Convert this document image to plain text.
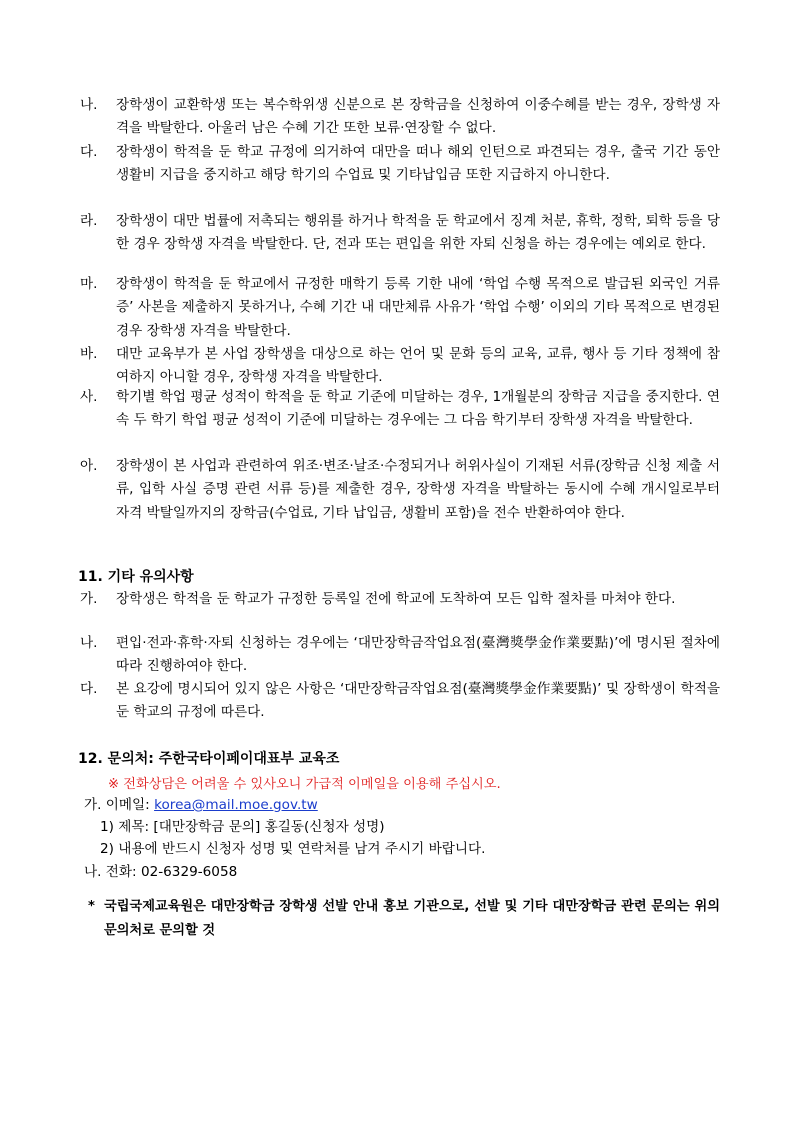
나. 장학생이 교환학생 또는 복수학위생 신분으로 본 장학금을 신청하여 이중수혜를 받는 경우, 장학생 자격을 박탈한다. 아울러 남은 수혜 기간 또한 보류·연장할 수 없다.
다. 장학생이 학적을 둔 학교 규정에 의거하여 대만을 떠나 해외 인턴으로 파견되는 경우, 출국 기간 동안 생활비 지급을 중지하고 해당 학기의 수업료 및 기타납입금 또한 지급하지 아니한다.
라. 장학생이 대만 법률에 저촉되는 행위를 하거나 학적을 둔 학교에서 징계 처분, 휴학, 정학, 퇴학 등을 당한 경우 장학생 자격을 박탈한다. 단, 전과 또는 편입을 위한 자퇴 신청을 하는 경우에는 예외로 한다.
마. 장학생이 학적을 둔 학교에서 규정한 매학기 등록 기한 내에 ‘학업 수행 목적으로 발급된 외국인 거류증’ 사본을 제출하지 못하거나, 수혜 기간 내 대만체류 사유가 ‘학업 수행’ 이외의 기타 목적으로 변경된 경우 장학생 자격을 박탈한다.
바. 대만 교육부가 본 사업 장학생을 대상으로 하는 언어 및 문화 등의 교육, 교류, 행사 등 기타 정책에 참여하지 아니할 경우, 장학생 자격을 박탈한다.
사. 학기별 학업 평균 성적이 학적을 둔 학교 기준에 미달하는 경우, 1개월분의 장학금 지급을 중지한다. 연속 두 학기 학업 평균 성적이 기준에 미달하는 경우에는 그 다음 학기부터 장학생 자격을 박탈한다.
아. 장학생이 본 사업과 관련하여 위조·변조·날조·수정되거나 허위사실이 기재된 서류(장학금 신청 제출 서류, 입학 사실 증명 관련 서류 등)를 제출한 경우, 장학생 자격을 박탈하는 동시에 수혜 개시일로부터 자격 박탈일까지의 장학금(수업료, 기타 납입금, 생활비 포함)을 전수 반환하여야 한다.
11. 기타 유의사항
가. 장학생은 학적을 둔 학교가 규정한 등록일 전에 학교에 도착하여 모든 입학 절차를 마쳐야 한다.
나. 편입·전과·휴학·자퇴 신청하는 경우에는 ‘대만장학금작업요점(臺灣獎學金作業要點)’에 명시된 절차에 따라 진행하여야 한다.
다. 본 요강에 명시되어 있지 않은 사항은 ‘대만장학금작업요점(臺灣獎學金作業要點)’ 및 장학생이 학적을 둔 학교의 규정에 따른다.
12. 문의처: 주한국타이페이대표부 교육조
※ 전화상담은 어려울 수 있사오니 가급적 이메일을 이용해 주십시오.
가. 이메일: korea@mail.moe.gov.tw
1) 제목: [대만장학금 문의] 홍길동(신청자 성명)
2) 내용에 반드시 신청자 성명 및 연락처를 남겨 주시기 바랍니다.
나. 전화: 02-6329-6058
* 국립국제교육원은 대만장학금 장학생 선발 안내 홍보 기관으로, 선발 및 기타 대만장학금 관련 문의는 위의 문의처로 문의할 것
